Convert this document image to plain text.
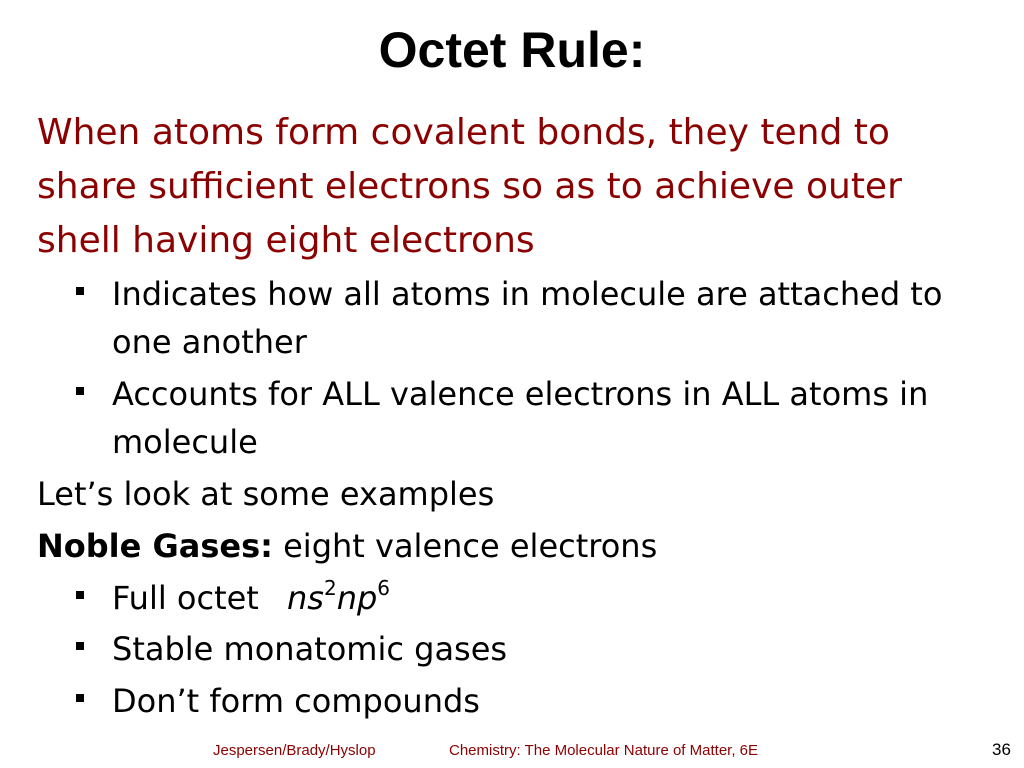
Octet Rule:
When atoms form covalent bonds, they tend to share sufficient electrons so as to achieve outer shell having eight electrons
Indicates how all atoms in molecule are attached to one another
Accounts for ALL valence electrons in ALL atoms in molecule
Let’s look at some examples
Noble Gases: eight valence electrons
Full octet $ns^2np^6$
Stable monatomic gases
Don’t form compounds
Jespersen/Brady/Hyslop	Chemistry: The Molecular Nature of Matter, 6E	36
